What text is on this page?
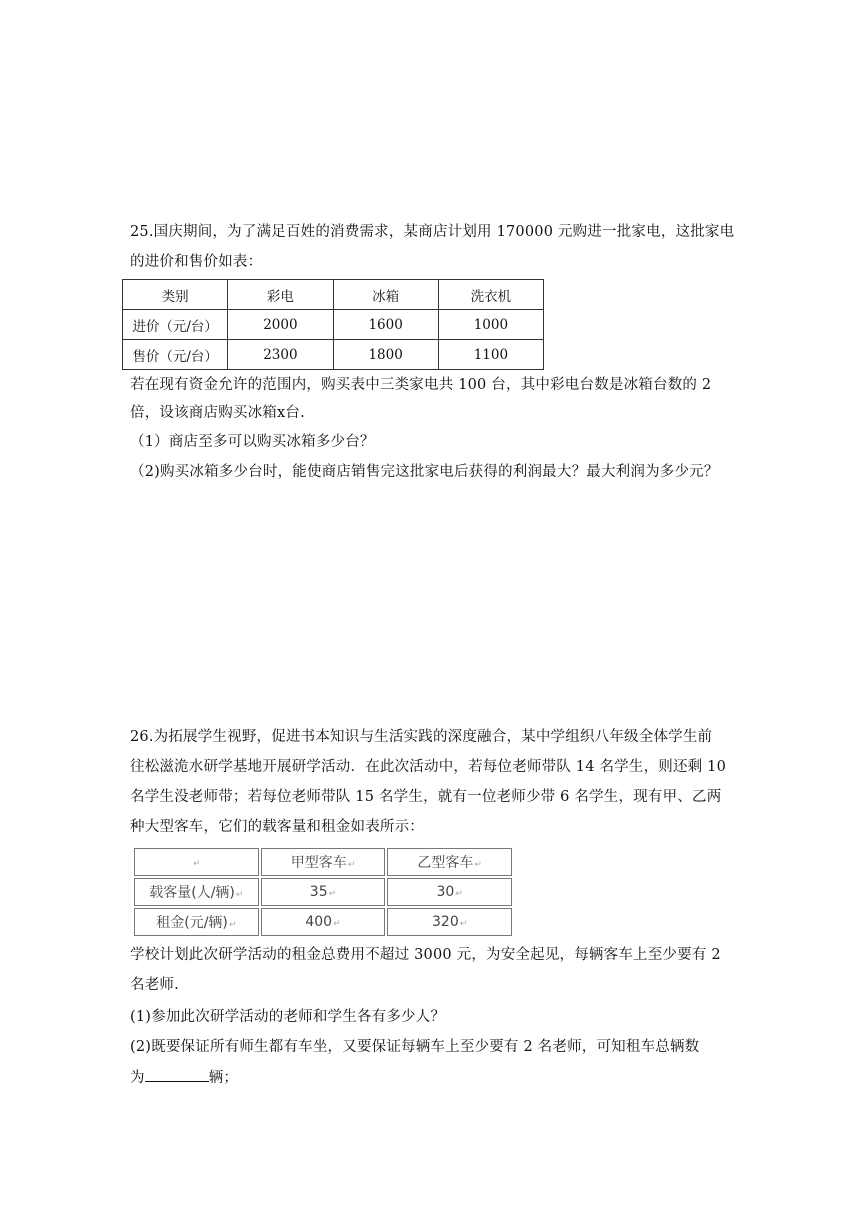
25.国庆期间，为了满足百姓的消费需求，某商店计划用 170000 元购进一批家电，这批家电
的进价和售价如表：
类别	彩电	冰箱	洗衣机
进价（元/台）	2000	1600	1000
售价（元/台）	2300	1800	1100
若在现有资金允许的范围内，购买表中三类家电共 100 台，其中彩电台数是冰箱台数的 2
倍，设该商店购买冰箱x台.
（1）商店至多可以购买冰箱多少台？
（2)购买冰箱多少台时，能使商店销售完这批家电后获得的利润最大？最大利润为多少元？
26.为拓展学生视野，促进书本知识与生活实践的深度融合，某中学组织八年级全体学生前
往松滋洈水研学基地开展研学活动．在此次活动中，若每位老师带队 14 名学生，则还剩 10
名学生没老师带；若每位老师带队 15 名学生，就有一位老师少带 6 名学生，现有甲、乙两
种大型客车，它们的载客量和租金如表所示：
↵	甲型客车↵	乙型客车↵
载客量(人/辆)↵	35↵	30↵
租金(元/辆)↵	400↵	320↵
学校计划此次研学活动的租金总费用不超过 3000 元，为安全起见，每辆客车上至少要有 2
名老师.
(1)参加此次研学活动的老师和学生各有多少人？
(2)既要保证所有师生都有车坐，又要保证每辆车上至少要有 2 名老师，可知租车总辆数
为	辆；
